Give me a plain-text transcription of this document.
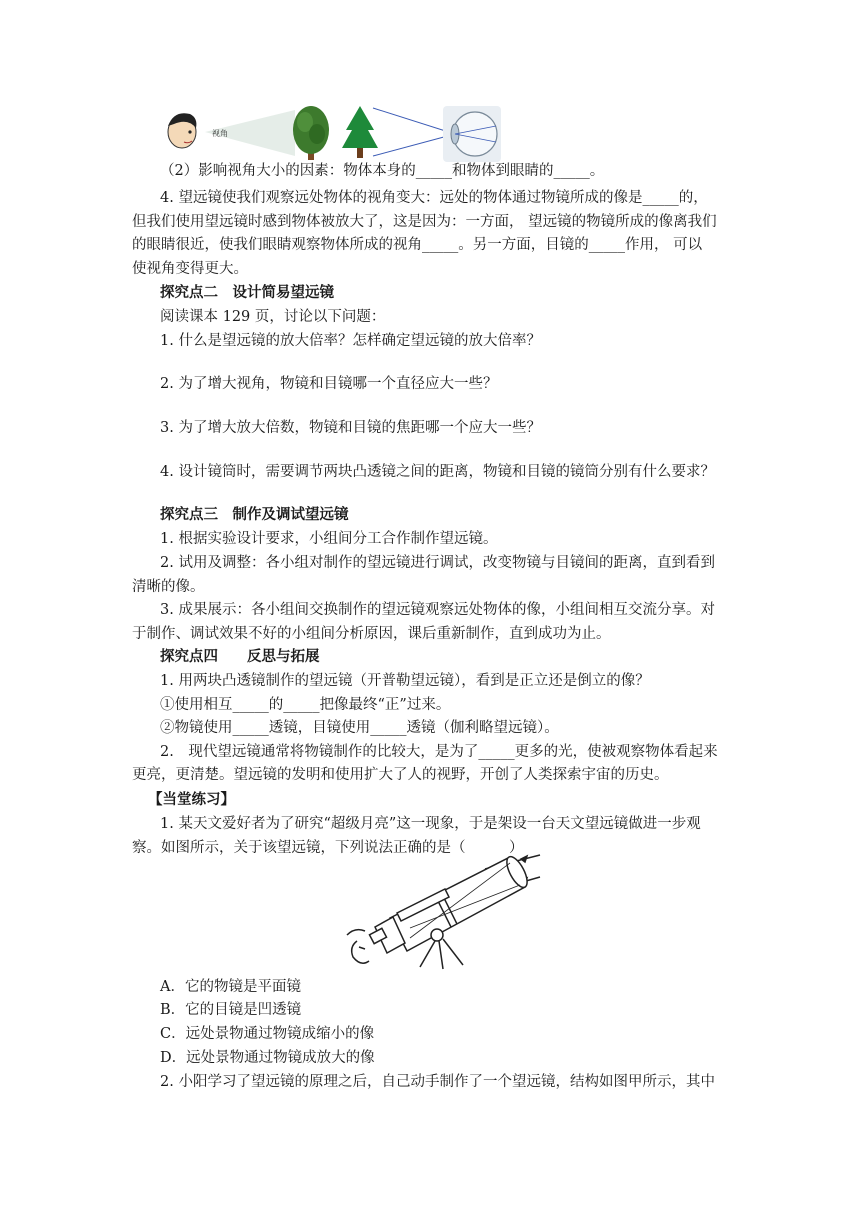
视角
（2）影响视角大小的因素：物体本身的_____和物体到眼睛的_____。
4. 望远镜使我们观察远处物体的视角变大：远处的物体通过物镜所成的像是_____的，
但我们使用望远镜时感到物体被放大了，这是因为：一方面， 望远镜的物镜所成的像离我们
的眼睛很近，使我们眼睛观察物体所成的视角_____。另一方面，目镜的_____作用， 可以
使视角变得更大。
探究点二　设计简易望远镜
阅读课本 129 页，讨论以下问题：
1. 什么是望远镜的放大倍率？怎样确定望远镜的放大倍率？
2. 为了增大视角，物镜和目镜哪一个直径应大一些？
3. 为了增大放大倍数，物镜和目镜的焦距哪一个应大一些？
4. 设计镜筒时，需要调节两块凸透镜之间的距离，物镜和目镜的镜筒分别有什么要求？
探究点三　制作及调试望远镜
1. 根据实验设计要求，小组间分工合作制作望远镜。
2. 试用及调整：各小组对制作的望远镜进行调试，改变物镜与目镜间的距离，直到看到
清晰的像。
3. 成果展示：各小组间交换制作的望远镜观察远处物体的像，小组间相互交流分享。对
于制作、调试效果不好的小组间分析原因，课后重新制作，直到成功为止。
探究点四　　反思与拓展
1. 用两块凸透镜制作的望远镜（开普勒望远镜），看到是正立还是倒立的像？
①使用相互_____的_____把像最终“正”过来。
②物镜使用_____透镜，目镜使用_____透镜（伽利略望远镜）。
2.　现代望远镜通常将物镜制作的比较大，是为了_____更多的光，使被观察物体看起来
更亮，更清楚。望远镜的发明和使用扩大了人的视野，开创了人类探索宇宙的历史。
【当堂练习】
1. 某天文爱好者为了研究“超级月亮”这一现象，于是架设一台天文望远镜做进一步观
察。如图所示，关于该望远镜，下列说法正确的是（　　　）
A．它的物镜是平面镜
B．它的目镜是凹透镜
C．远处景物通过物镜成缩小的像
D．远处景物通过物镜成放大的像
2. 小阳学习了望远镜的原理之后，自己动手制作了一个望远镜，结构如图甲所示，其中
